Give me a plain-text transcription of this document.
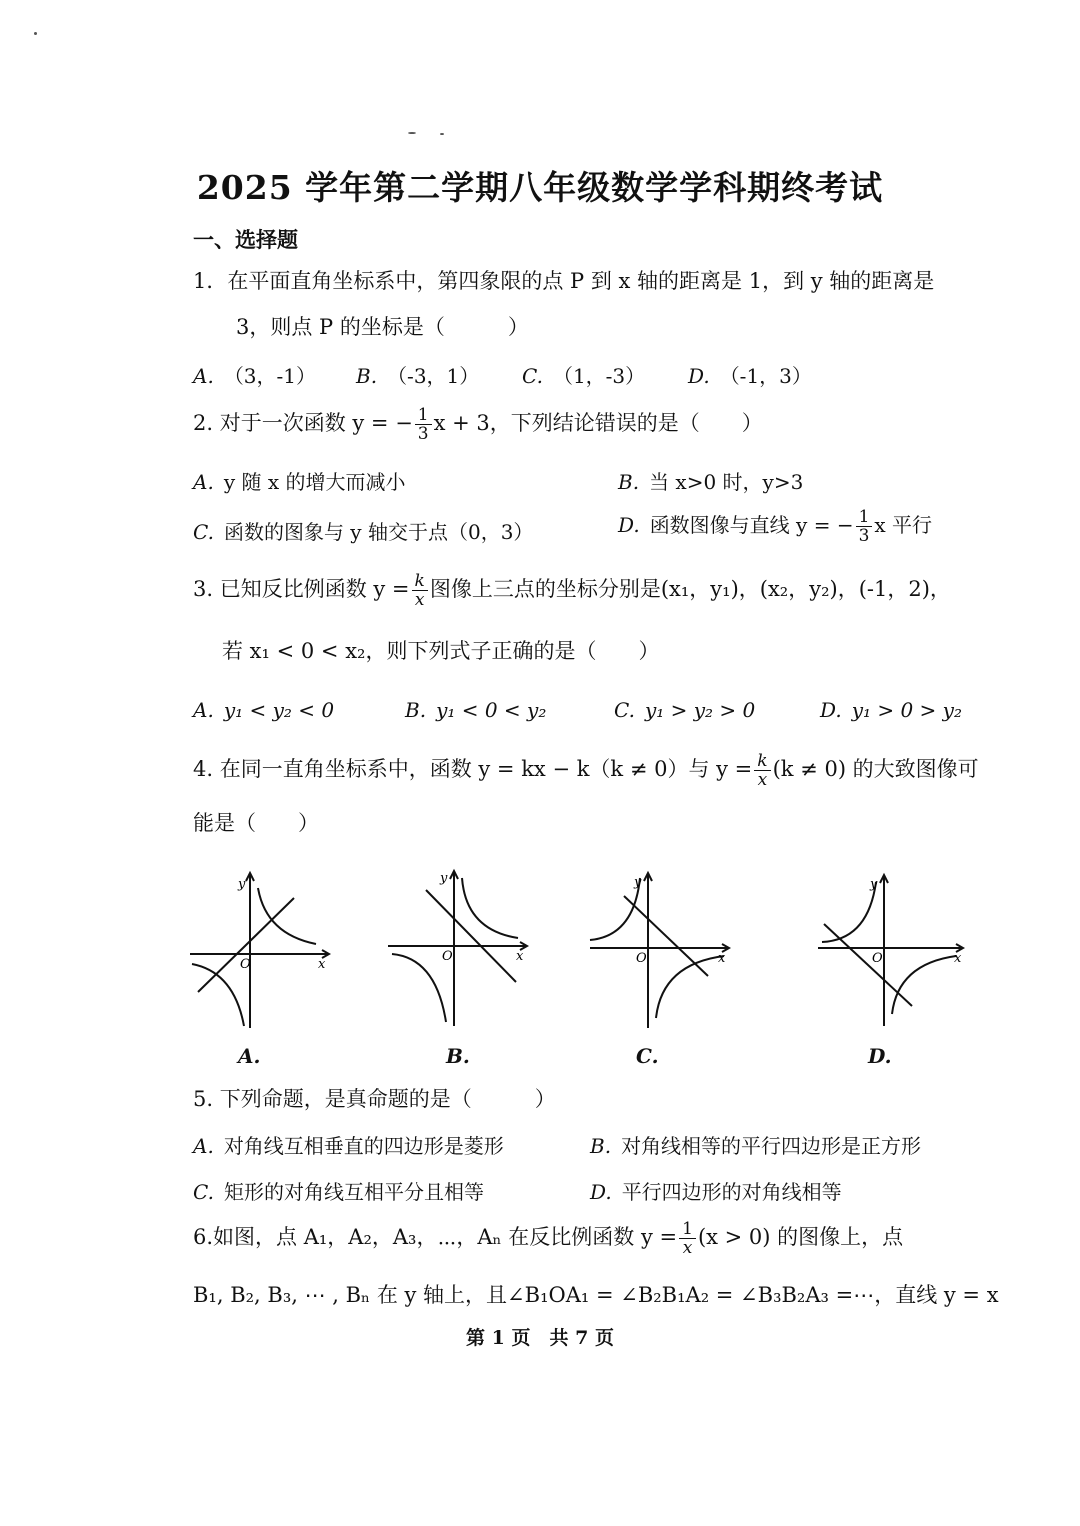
2025 学年第二学期八年级数学学科期终考试
一、选择题
1．在平面直角坐标系中，第四象限的点 P 到 x 轴的距离是 1，到 y 轴的距离是
3，则点 P 的坐标是（　　　）
A. （3，-1） B. （-3，1） C. （1，-3） D. （-1，3）
2. 对于一次函数 y = − $\frac{1}{3}$ x + 3，下列结论错误的是（　　）
A. y 随 x 的增大而减小	B. 当 x>0 时，y>3
C. 函数的图象与 y 轴交于点（0，3）	D. 函数图像与直线 y = − $\frac{1}{3}$ x 平行
3. 已知反比例函数 $y = \frac{k}{x}$ 图像上三点的坐标分别是(x₁，y₁)，(x₂，y₂)，(-1，2)，
若 x₁ < 0 < x₂，则下列式子正确的是（　　）
A. y₁ < y₂ < 0	B. y₁ < 0 < y₂	C. y₁ > y₂ > 0	D. y₁ > 0 > y₂
4. 在同一直角坐标系中，函数 y = kx − k（k ≠ 0）与 $y = \frac{k}{x} (k \ne 0)$ 的大致图像可
能是（　　）
y
x
O
A.
y
x
O
B.
y
x
O
C.
y
x
O
D.
5. 下列命题，是真命题的是（　　　）
A. 对角线互相垂直的四边形是菱形	B. 对角线相等的平行四边形是正方形
C. 矩形的对角线互相平分且相等	D. 平行四边形的对角线相等
6.如图，点 A₁，A₂，A₃，⋯，Aₙ 在反比例函数 $y = \frac{1}{x} (x > 0)$ 的图像上，点
B₁, B₂, B₃, ⋯ , Bₙ 在 y 轴上，且∠B₁OA₁ = ∠B₂B₁A₂ = ∠B₃B₂A₃ =⋯，直线 y = x
第 1 页　共 7 页
